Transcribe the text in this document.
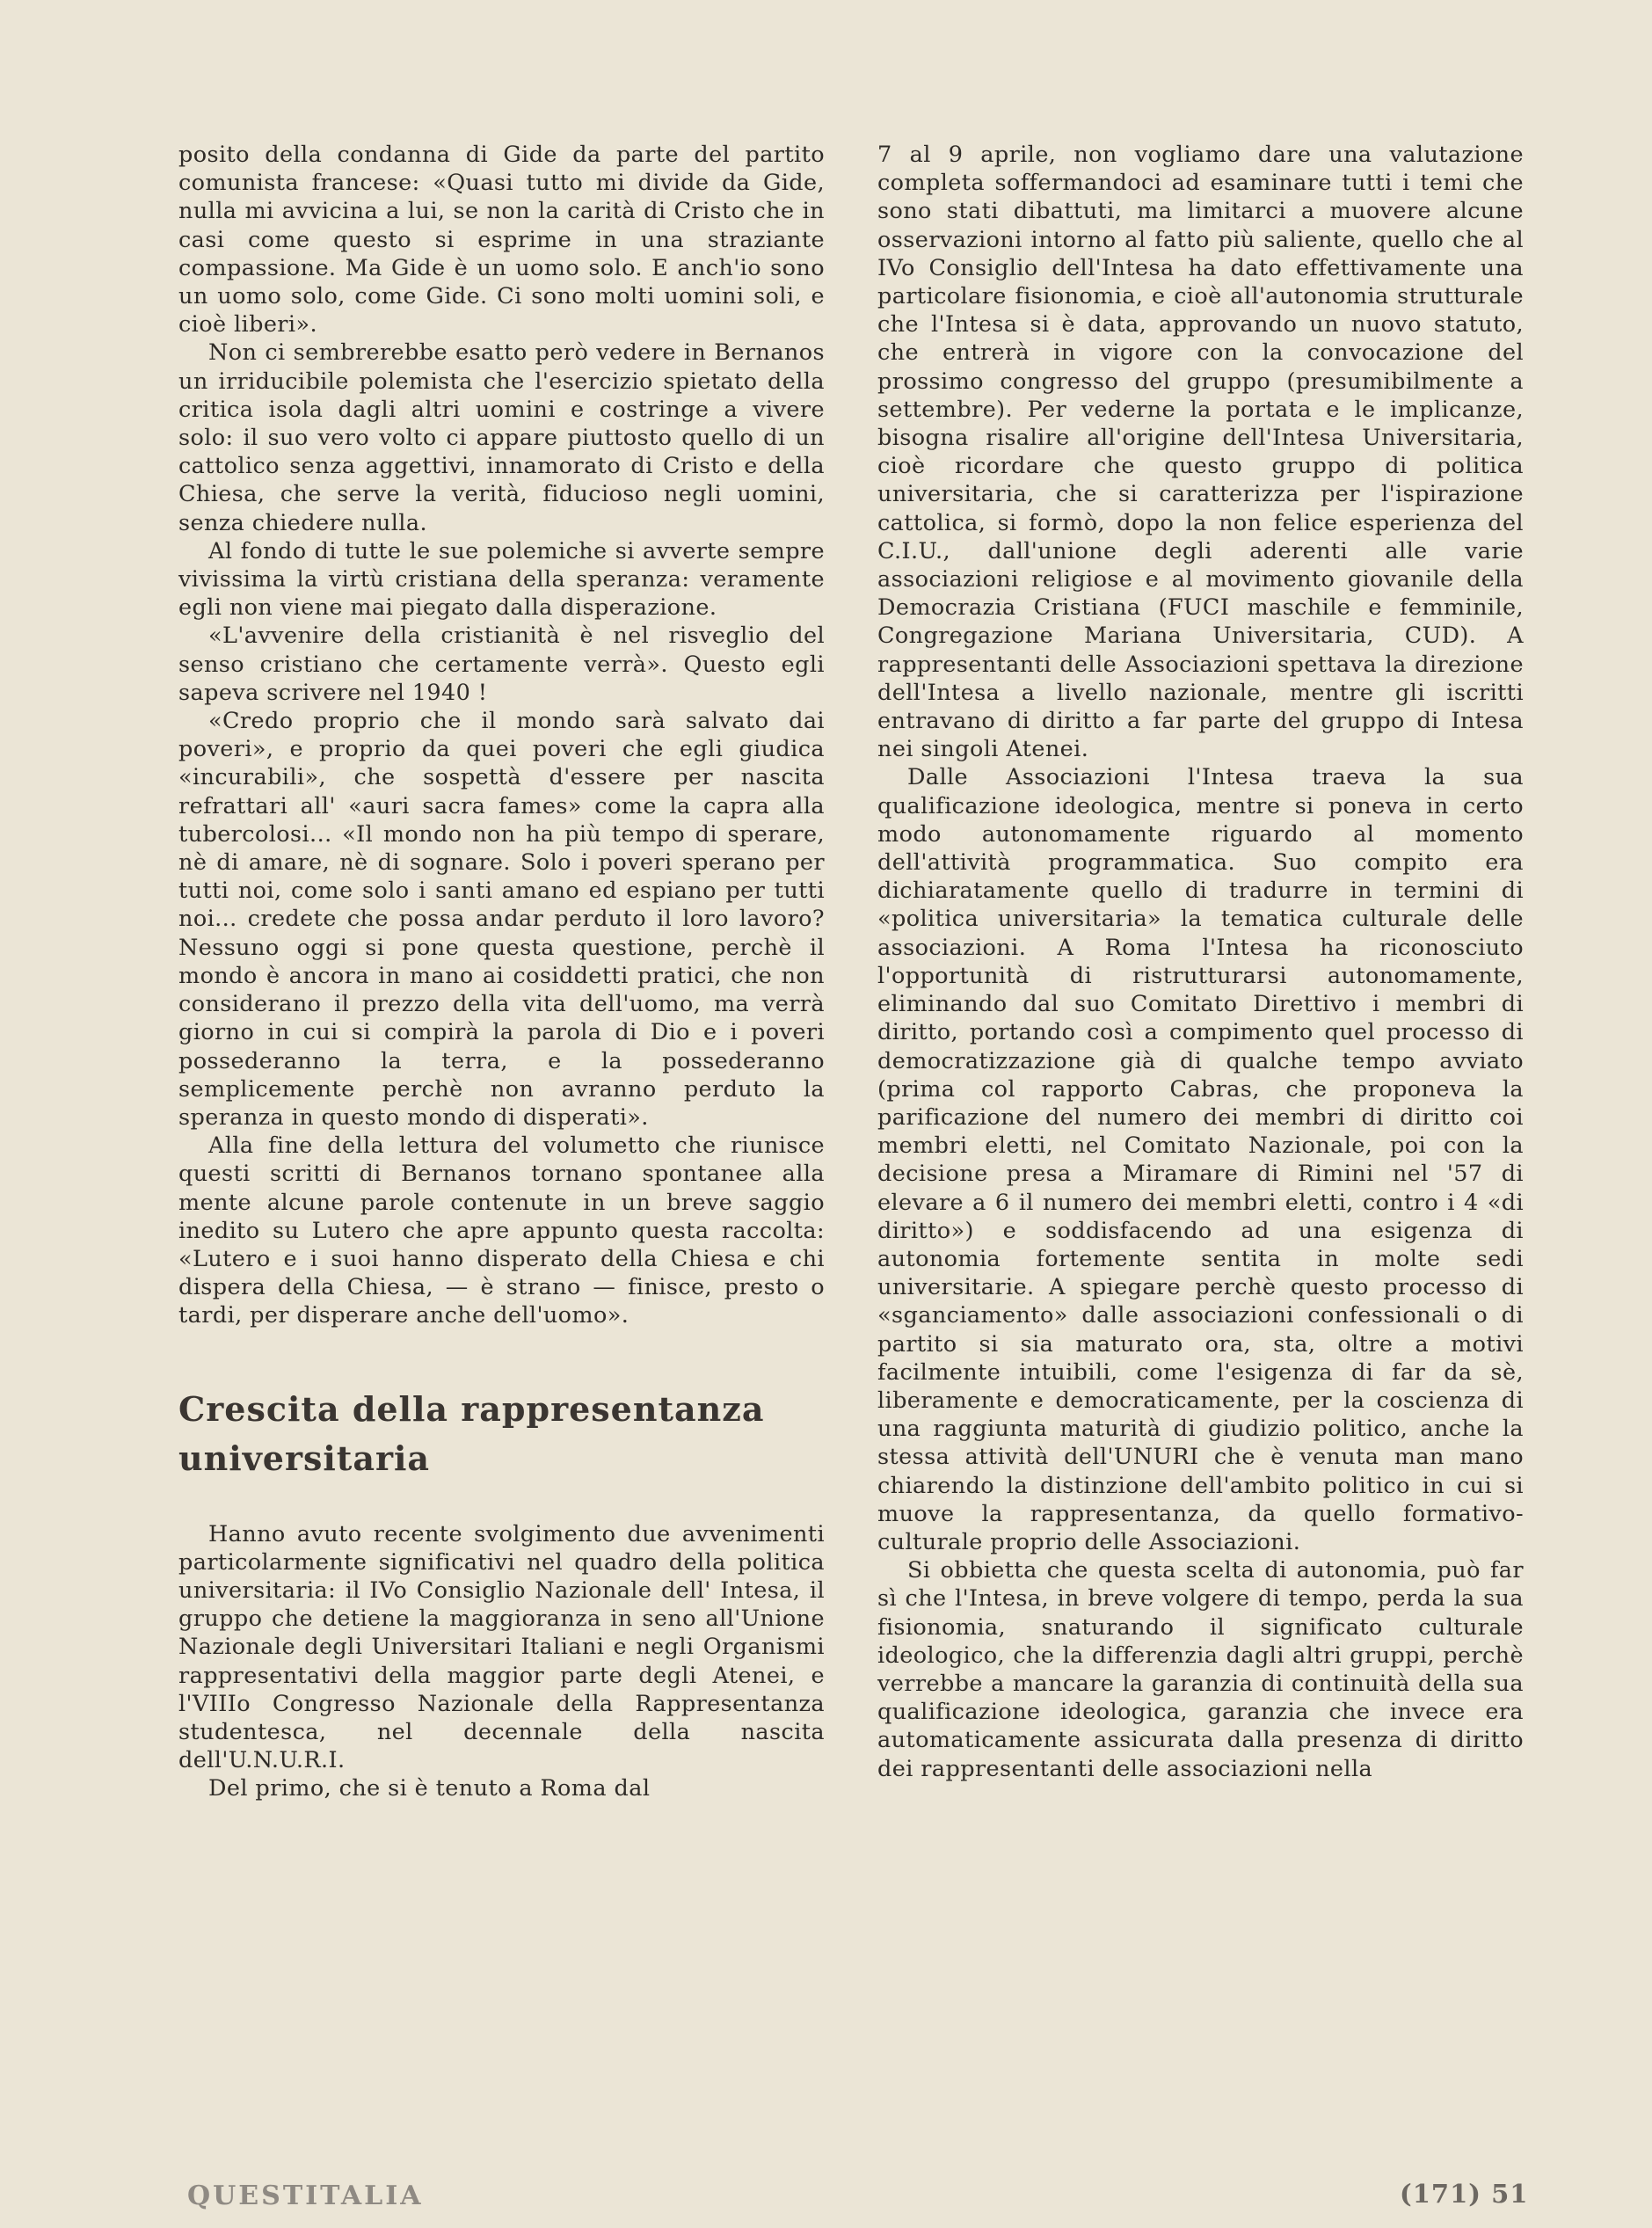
posito della condanna di Gide da parte del partito comunista francese: «Quasi tutto mi divide da Gide, nulla mi avvicina a lui, se non la carità di Cristo che in casi come questo si esprime in una straziante compassione. Ma Gide è un uomo solo. E anch'io sono un uomo solo, come Gide. Ci sono molti uomini soli, e cioè liberi».

Non ci sembrerebbe esatto però vedere in Bernanos un irriducibile polemista che l'esercizio spietato della critica isola dagli altri uomini e costringe a vivere solo: il suo vero volto ci appare piuttosto quello di un cattolico senza aggettivi, innamorato di Cristo e della Chiesa, che serve la verità, fiducioso negli uomini, senza chiedere nulla.

Al fondo di tutte le sue polemiche si avverte sempre vivissima la virtù cristiana della speranza: veramente egli non viene mai piegato dalla disperazione.

«L'avvenire della cristianità è nel risveglio del senso cristiano che certamente verrà». Questo egli sapeva scrivere nel 1940 !

«Credo proprio che il mondo sarà salvato dai poveri», e proprio da quei poveri che egli giudica «incurabili», che sospettà d'essere per nascita refrattari all' «auri sacra fames» come la capra alla tubercolosi... «Il mondo non ha più tempo di sperare, nè di amare, nè di sognare. Solo i poveri sperano per tutti noi, come solo i santi amano ed espiano per tutti noi... credete che possa andar perduto il loro lavoro? Nessuno oggi si pone questa questione, perchè il mondo è ancora in mano ai cosiddetti pratici, che non considerano il prezzo della vita dell'uomo, ma verrà giorno in cui si compirà la parola di Dio e i poveri possederanno la terra, e la possederanno semplicemente perchè non avranno perduto la speranza in questo mondo di disperati».

Alla fine della lettura del volumetto che riunisce questi scritti di Bernanos tornano spontanee alla mente alcune parole contenute in un breve saggio inedito su Lutero che apre appunto questa raccolta: «Lutero e i suoi hanno disperato della Chiesa e chi dispera della Chiesa, — è strano — finisce, presto o tardi, per disperare anche dell'uomo».

Crescita della rappresentanza
universitaria

Hanno avuto recente svolgimento due avvenimenti particolarmente significativi nel quadro della politica universitaria: il IVo Consiglio Nazionale dell' Intesa, il gruppo che detiene la maggioranza in seno all'Unione Nazionale degli Universitari Italiani e negli Organismi rappresentativi della maggior parte degli Atenei, e l'VIIIo Congresso Nazionale della Rappresentanza studentesca, nel decennale della nascita dell'U.N.U.R.I.

Del primo, che si è tenuto a Roma dal

7 al 9 aprile, non vogliamo dare una valutazione completa soffermandoci ad esaminare tutti i temi che sono stati dibattuti, ma limitarci a muovere alcune osservazioni intorno al fatto più saliente, quello che al IVo Consiglio dell'Intesa ha dato effettivamente una particolare fisionomia, e cioè all'autonomia strutturale che l'Intesa si è data, approvando un nuovo statuto, che entrerà in vigore con la convocazione del prossimo congresso del gruppo (presumibilmente a settembre). Per vederne la portata e le implicanze, bisogna risalire all'origine dell'Intesa Universitaria, cioè ricordare che questo gruppo di politica universitaria, che si caratterizza per l'ispirazione cattolica, si formò, dopo la non felice esperienza del C.I.U., dall'unione degli aderenti alle varie associazioni religiose e al movimento giovanile della Democrazia Cristiana (FUCI maschile e femminile, Congregazione Mariana Universitaria, CUD). A rappresentanti delle Associazioni spettava la direzione dell'Intesa a livello nazionale, mentre gli iscritti entravano di diritto a far parte del gruppo di Intesa nei singoli Atenei.

Dalle Associazioni l'Intesa traeva la sua qualificazione ideologica, mentre si poneva in certo modo autonomamente riguardo al momento dell'attività programmatica. Suo compito era dichiaratamente quello di tradurre in termini di «politica universitaria» la tematica culturale delle associazioni. A Roma l'Intesa ha riconosciuto l'opportunità di ristrutturarsi autonomamente, eliminando dal suo Comitato Direttivo i membri di diritto, portando così a compimento quel processo di democratizzazione già di qualche tempo avviato (prima col rapporto Cabras, che proponeva la parificazione del numero dei membri di diritto coi membri eletti, nel Comitato Nazionale, poi con la decisione presa a Miramare di Rimini nel '57 di elevare a 6 il numero dei membri eletti, contro i 4 «di diritto») e soddisfacendo ad una esigenza di autonomia fortemente sentita in molte sedi universitarie. A spiegare perchè questo processo di «sganciamento» dalle associazioni confessionali o di partito si sia maturato ora, sta, oltre a motivi facilmente intuibili, come l'esigenza di far da sè, liberamente e democraticamente, per la coscienza di una raggiunta maturità di giudizio politico, anche la stessa attività dell'UNURI che è venuta man mano chiarendo la distinzione dell'ambito politico in cui si muove la rappresentanza, da quello formativo-culturale proprio delle Associazioni.

Si obbietta che questa scelta di autonomia, può far sì che l'Intesa, in breve volgere di tempo, perda la sua fisionomia, snaturando il significato culturale ideologico, che la differenzia dagli altri gruppi, perchè verrebbe a mancare la garanzia di continuità della sua qualificazione ideologica, garanzia che invece era automaticamente assicurata dalla presenza di diritto dei rappresentanti delle associazioni nella

QUESTITALIA	(171) 51
